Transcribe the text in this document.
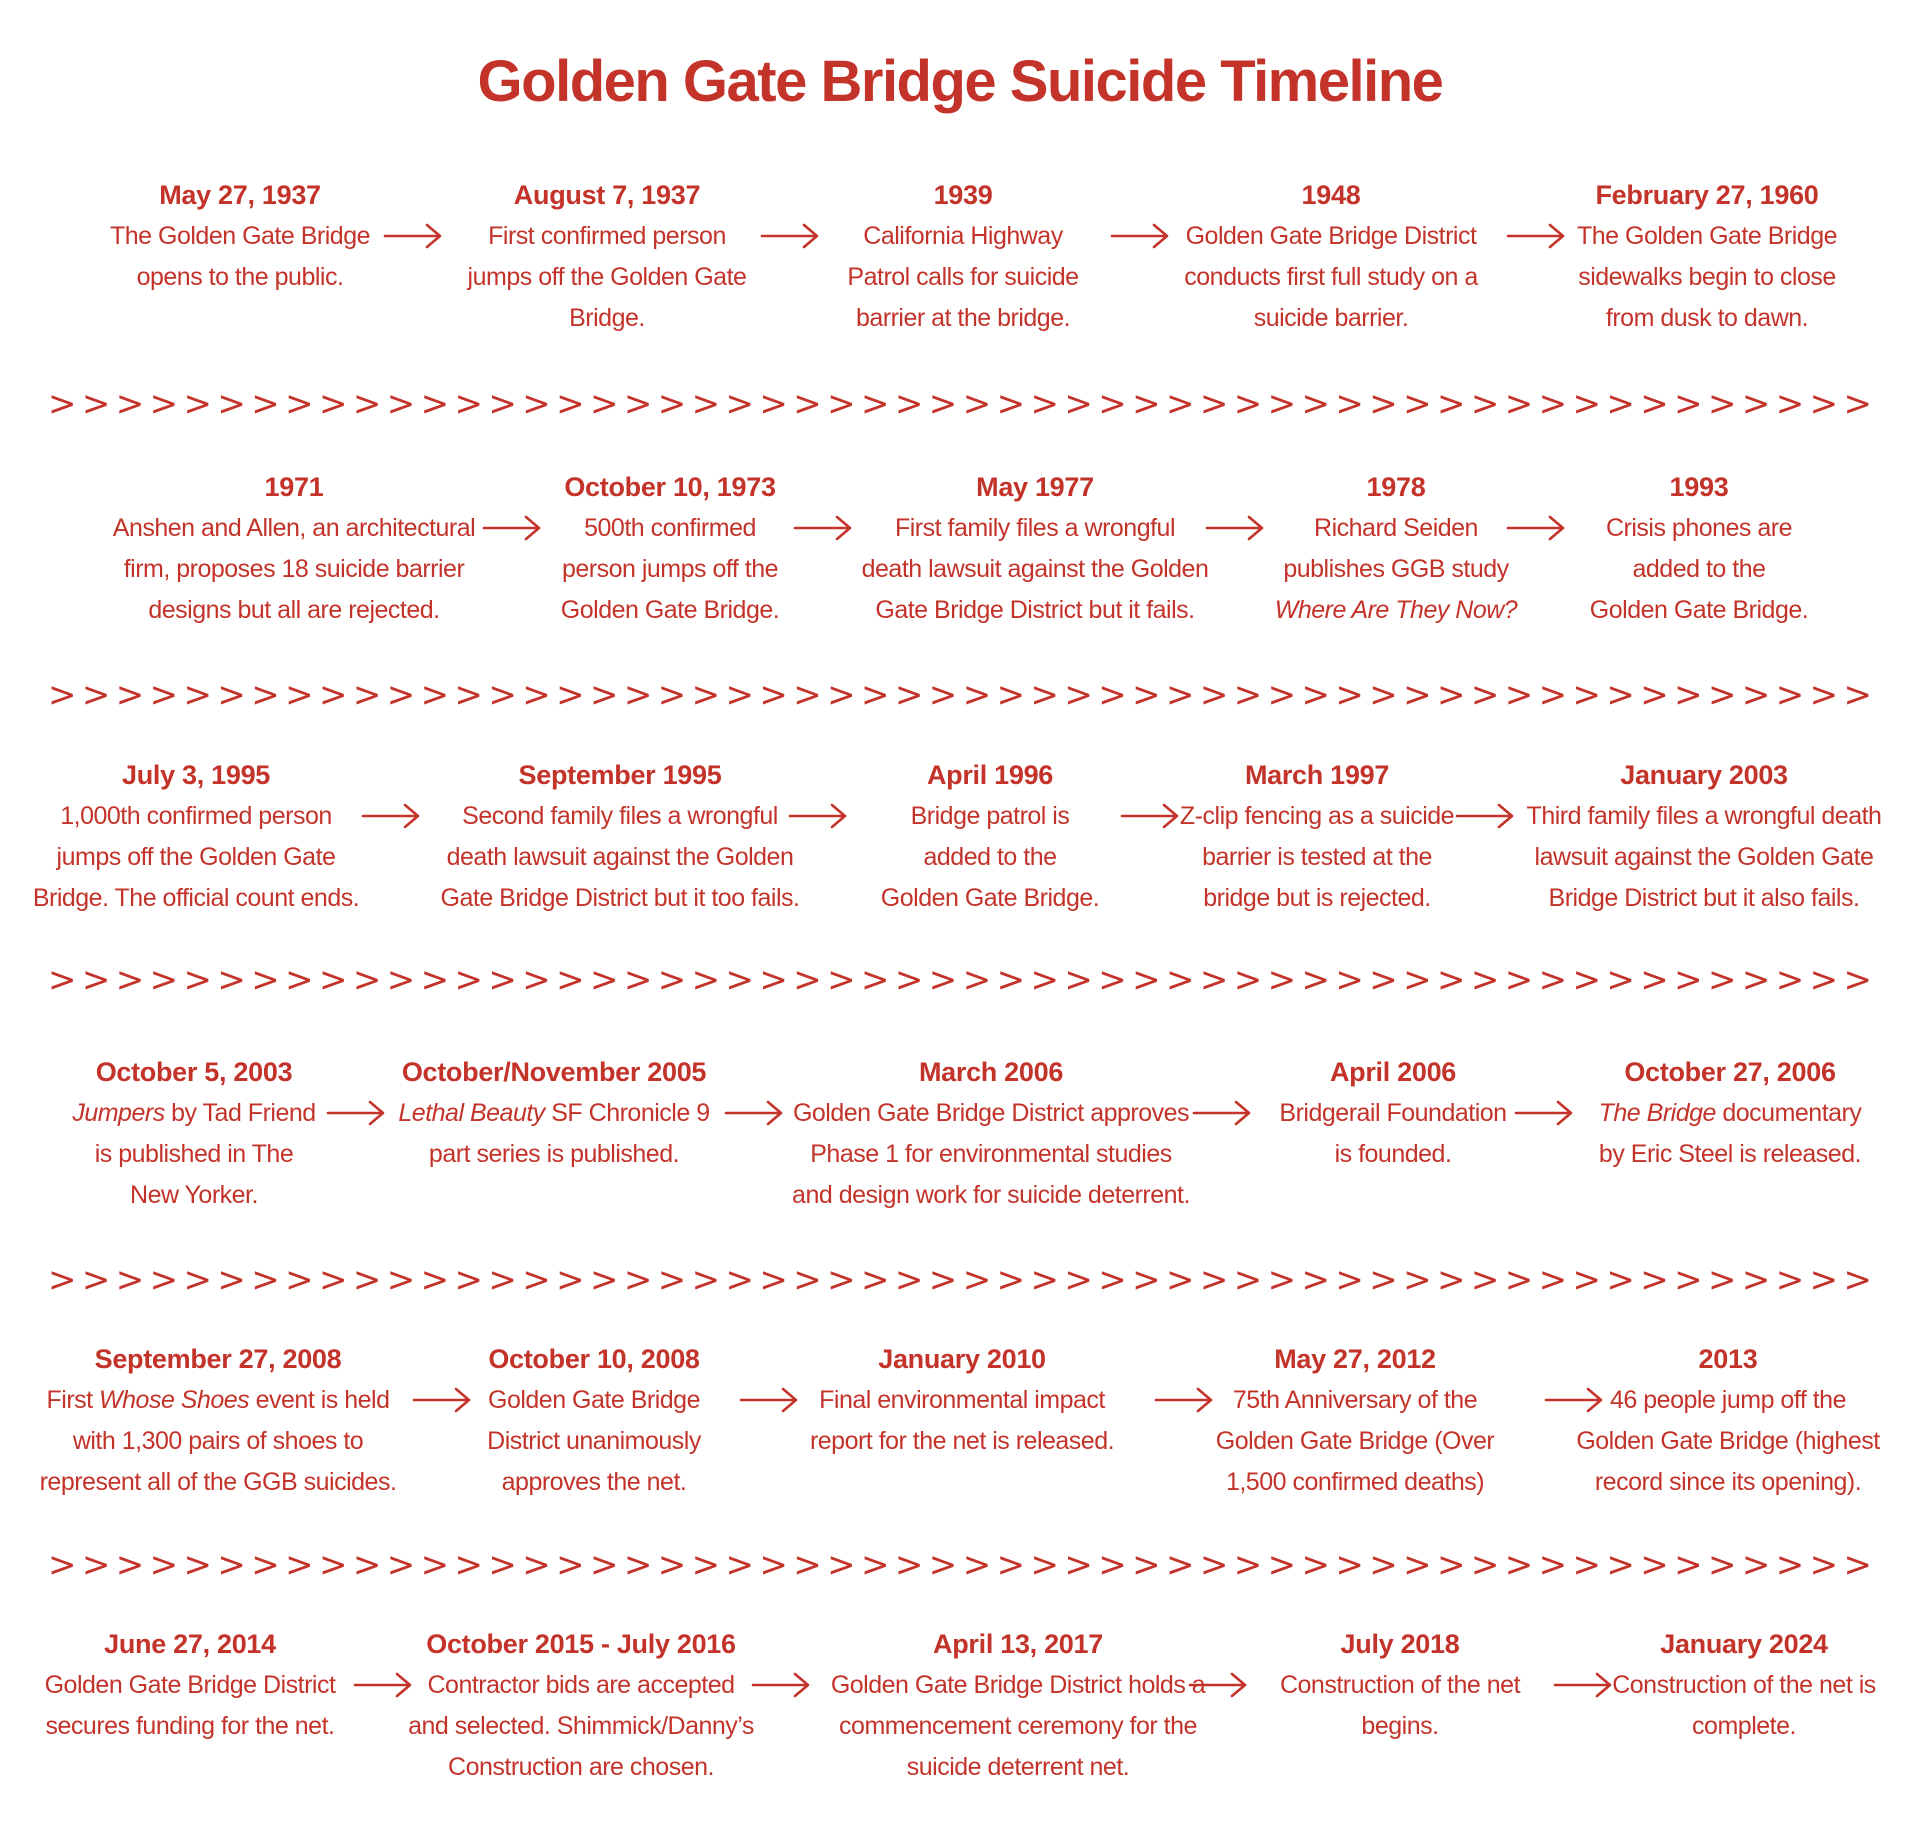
Golden Gate Bridge Suicide Timeline
May 27, 1937
The Golden Gate Bridge
opens to the public.
August 7, 1937
First confirmed person
jumps off the Golden Gate
Bridge.
1939
California Highway
Patrol calls for suicide
barrier at the bridge.
1948
Golden Gate Bridge District
conducts first full study on a
suicide barrier.
February 27, 1960
The Golden Gate Bridge
sidewalks begin to close
from dusk to dawn.
1971
Anshen and Allen, an architectural
firm, proposes 18 suicide barrier
designs but all are rejected.
October 10, 1973
500th confirmed
person jumps off the
Golden Gate Bridge.
May 1977
First family files a wrongful
death lawsuit against the Golden
Gate Bridge District but it fails.
1978
Richard Seiden
publishes GGB study
Where Are They Now?
1993
Crisis phones are
added to the
Golden Gate Bridge.
July 3, 1995
1,000th confirmed person
jumps off the Golden Gate
Bridge. The official count ends.
September 1995
Second family files a wrongful
death lawsuit against the Golden
Gate Bridge District but it too fails.
April 1996
Bridge patrol is
added to the
Golden Gate Bridge.
March 1997
Z-clip fencing as a suicide
barrier is tested at the
bridge but is rejected.
January 2003
Third family files a wrongful death
lawsuit against the Golden Gate
Bridge District but it also fails.
October 5, 2003
Jumpers by Tad Friend
is published in The
New Yorker.
October/November 2005
Lethal Beauty SF Chronicle 9
part series is published.
March 2006
Golden Gate Bridge District approves
Phase 1 for environmental studies
and design work for suicide deterrent.
April 2006
Bridgerail Foundation
is founded.
October 27, 2006
The Bridge documentary
by Eric Steel is released.
September 27, 2008
First Whose Shoes event is held
with 1,300 pairs of shoes to
represent all of the GGB suicides.
October 10, 2008
Golden Gate Bridge
District unanimously
approves the net.
January 2010
Final environmental impact
report for the net is released.
May 27, 2012
75th Anniversary of the
Golden Gate Bridge (Over
1,500 confirmed deaths)
2013
46 people jump off the
Golden Gate Bridge (highest
record since its opening).
June 27, 2014
Golden Gate Bridge District
secures funding for the net.
October 2015 - July 2016
Contractor bids are accepted
and selected. Shimmick/Danny’s
Construction are chosen.
April 13, 2017
Golden Gate Bridge District holds a
commencement ceremony for the
suicide deterrent net.
July 2018
Construction of the net
begins.
January 2024
Construction of the net is
complete.
>>>>>>>>>>>>>>>>>>>>>>>>>>>>>>>>>>>>>>>>>>>>>>>>>>>>>>
>>>>>>>>>>>>>>>>>>>>>>>>>>>>>>>>>>>>>>>>>>>>>>>>>>>>>>
>>>>>>>>>>>>>>>>>>>>>>>>>>>>>>>>>>>>>>>>>>>>>>>>>>>>>>
>>>>>>>>>>>>>>>>>>>>>>>>>>>>>>>>>>>>>>>>>>>>>>>>>>>>>>
>>>>>>>>>>>>>>>>>>>>>>>>>>>>>>>>>>>>>>>>>>>>>>>>>>>>>>
